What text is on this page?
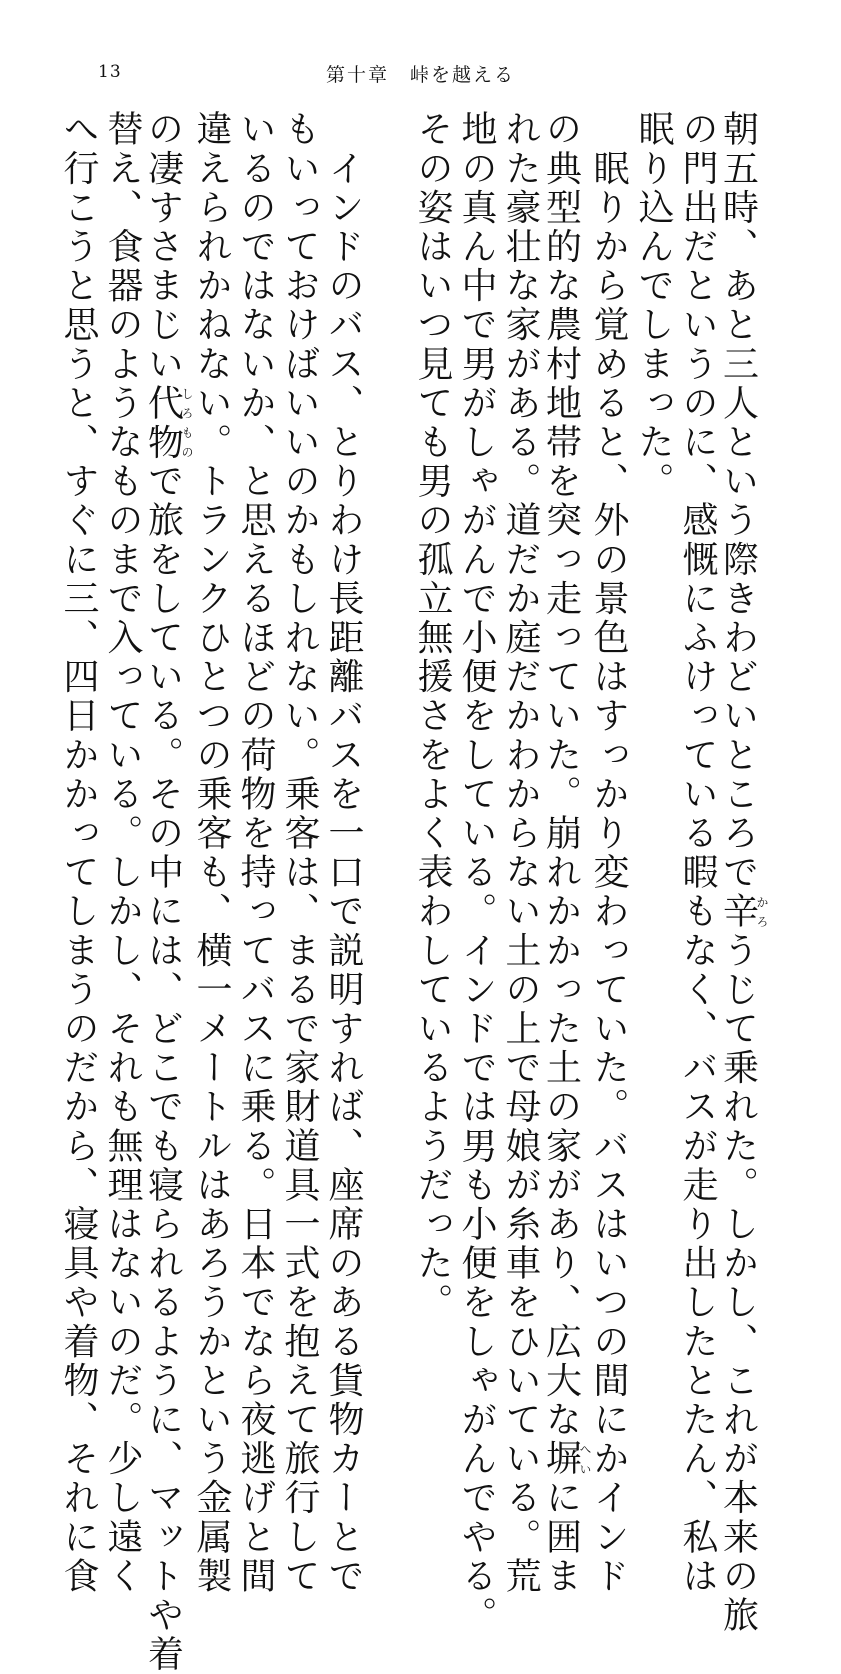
13	第十章　峠を越える
朝五時、あと三人という際きわどいところで辛かろうじて乗れた。しかし、これが本来の旅
の門出だというのに、感慨にふけっている暇もなく、バスが走り出したとたん、私は
眠り込んでしまった。
　眠りから覚めると、外の景色はすっかり変わっていた。バスはいつの間にかインド
の典型的な農村地帯を突っ走っていた。崩れかかった土の家があり、広大な塀へいに囲ま
れた豪壮な家がある。道だか庭だかわからない土の上で母娘が糸車をひいている。荒
地の真ん中で男がしゃがんで小便をしている。インドでは男も小便をしゃがんでやる。
その姿はいつ見ても男の孤立無援さをよく表わしているようだった。
　インドのバス、とりわけ長距離バスを一口で説明すれば、座席のある貨物カーとで
もいっておけばいいのかもしれない。乗客は、まるで家財道具一式を抱えて旅行して
いるのではないか、と思えるほどの荷物を持ってバスに乗る。日本でなら夜逃げと間
違えられかねない。トランクひとつの乗客も、横一メートルはあろうかという金属製
の凄すさまじい代物しろもので旅をしている。その中には、どこでも寝られるように、マットや着
替え、食器のようなものまで入っている。しかし、それも無理はないのだ。少し遠く
へ行こうと思うと、すぐに三、四日かかってしまうのだから、寝具や着物、それに食
